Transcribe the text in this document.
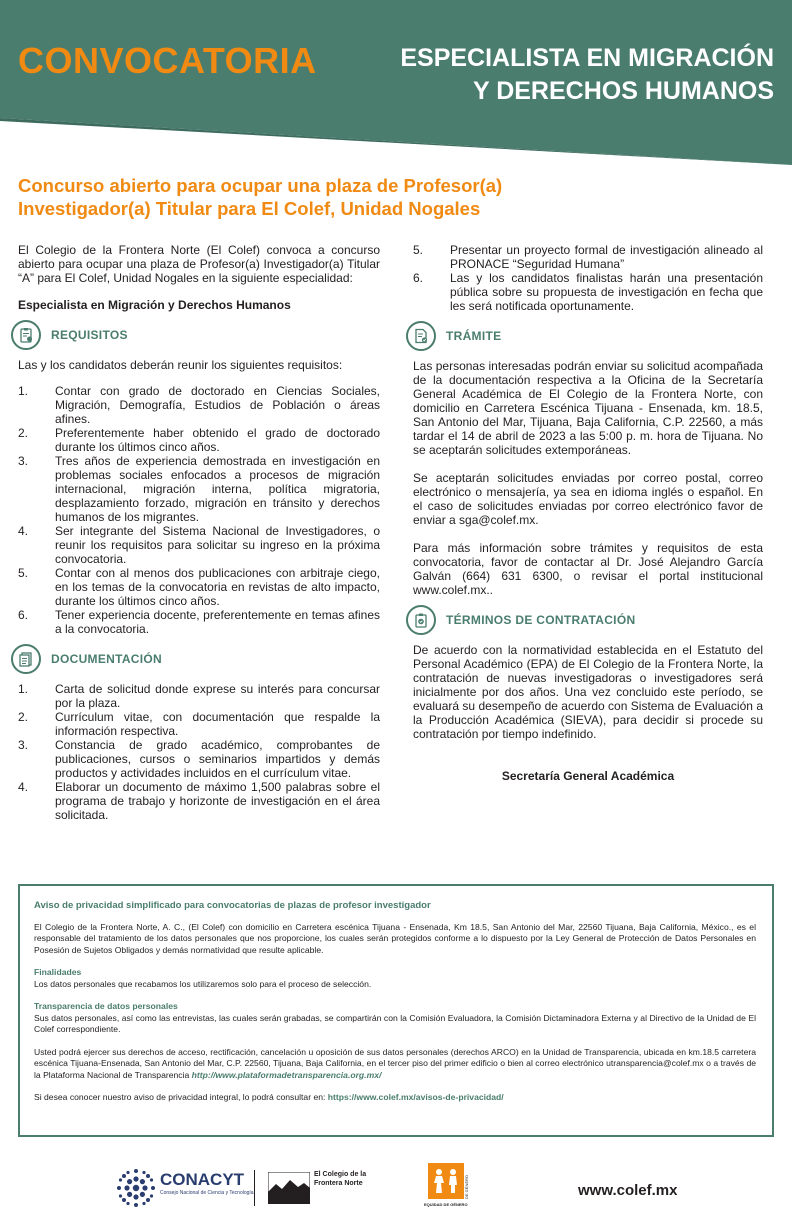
CONVOCATORIA	ESPECIALISTA EN MIGRACIÓN
Y DERECHOS HUMANOS
Concurso abierto para ocupar una plaza de Profesor(a)
Investigador(a) Titular para El Colef, Unidad Nogales
El Colegio de la Frontera Norte (El Colef) convoca a concurso abierto para ocupar una plaza de Profesor(a) Investigador(a) Titular “A” para El Colef, Unidad Nogales en la siguiente especialidad:
Especialista en Migración y Derechos Humanos
REQUISITOS
Las y los candidatos deberán reunir los siguientes requisitos:
1.	Contar con grado de doctorado en Ciencias Sociales, Migración, Demografía, Estudios de Población o áreas afines.
2.	Preferentemente haber obtenido el grado de doctorado durante los últimos cinco años.
3.	Tres años de experiencia demostrada en investigación en problemas sociales enfocados a procesos de migración internacional, migración interna, política migratoria, desplazamiento forzado, migración en tránsito y derechos humanos de los migrantes.
4.	Ser integrante del Sistema Nacional de Investigadores, o reunir los requisitos para solicitar su ingreso en la próxima convocatoria.
5.	Contar con al menos dos publicaciones con arbitraje ciego, en los temas de la convocatoria en revistas de alto impacto, durante los últimos cinco años.
6.	Tener experiencia docente, preferentemente en temas afines a la convocatoria.
DOCUMENTACIÓN
1.	Carta de solicitud donde exprese su interés para concursar por la plaza.
2.	Currículum vitae, con documentación que respalde la información respectiva.
3.	Constancia de grado académico, comprobantes de publicaciones, cursos o seminarios impartidos y demás productos y actividades incluidos en el currículum vitae.
4.	Elaborar un documento de máximo 1,500 palabras sobre el programa de trabajo y horizonte de investigación en el área solicitada.
5.	Presentar un proyecto formal de investigación alineado al PRONACE “Seguridad Humana”
6.	Las y los candidatos finalistas harán una presentación pública sobre su propuesta de investigación en fecha que les será notificada oportunamente.
TRÁMITE
Las personas interesadas podrán enviar su solicitud acompañada de la documentación respectiva a la Oficina de la Secretaría General Académica de El Colegio de la Frontera Norte, con domicilio en Carretera Escénica Tijuana - Ensenada, km. 18.5, San Antonio del Mar, Tijuana, Baja California, C.P. 22560, a más tardar el 14 de abril de 2023 a las 5:00 p. m. hora de Tijuana. No se aceptarán solicitudes extemporáneas.
Se aceptarán solicitudes enviadas por correo postal, correo electrónico o mensajería, ya sea en idioma inglés o español. En el caso de solicitudes enviadas por correo electrónico favor de enviar a sga@colef.mx.
Para más información sobre trámites y requisitos de esta convocatoria, favor de contactar al Dr. José Alejandro García Galván (664) 631 6300, o revisar el portal institucional www.colef.mx..
TÉRMINOS DE CONTRATACIÓN
De acuerdo con la normatividad establecida en el Estatuto del Personal Académico (EPA) de El Colegio de la Frontera Norte, la contratación de nuevas investigadoras o investigadores será inicialmente por dos años. Una vez concluido este período, se evaluará su desempeño de acuerdo con Sistema de Evaluación a la Producción Académica (SIEVA), para decidir si procede su contratación por tiempo indefinido.
Secretaría General Académica
Aviso de privacidad simplificado para convocatorias de plazas de profesor investigador
El Colegio de la Frontera Norte, A. C., (El Colef) con domicilio en Carretera escénica Tijuana - Ensenada, Km 18.5, San Antonio del Mar, 22560 Tijuana, Baja California, México., es el responsable del tratamiento de los datos personales que nos proporcione, los cuales serán protegidos conforme a lo dispuesto por la Ley General de Protección de Datos Personales en Posesión de Sujetos Obligados y demás normatividad que resulte aplicable.
Finalidades
Los datos personales que recabamos los utilizaremos solo para el proceso de selección.
Transparencia de datos personales
Sus datos personales, así como las entrevistas, las cuales serán grabadas, se compartirán con la Comisión Evaluadora, la Comisión Dictaminadora Externa y al Directivo de la Unidad de El Colef correspondiente.
Usted podrá ejercer sus derechos de acceso, rectificación, cancelación u oposición de sus datos personales (derechos ARCO) en la Unidad de Transparencia, ubicada en km.18.5 carretera escénica Tijuana-Ensenada, San Antonio del Mar, C.P. 22560, Tijuana, Baja California, en el tercer piso del primer edificio o bien al correo electrónico utransparencia@colef.mx o a través de la Plataforma Nacional de Transparencia http://www.plataformadetransparencia.org.mx/
Si desea conocer nuestro aviso de privacidad integral, lo podrá consultar en: https://www.colef.mx/avisos-de-privacidad/
CONACYT
Consejo Nacional de Ciencia y Tecnología
El Colegio de la Frontera Norte	DE GÉNERO
EQUIDAD DE GÉNERO
www.colef.mx
